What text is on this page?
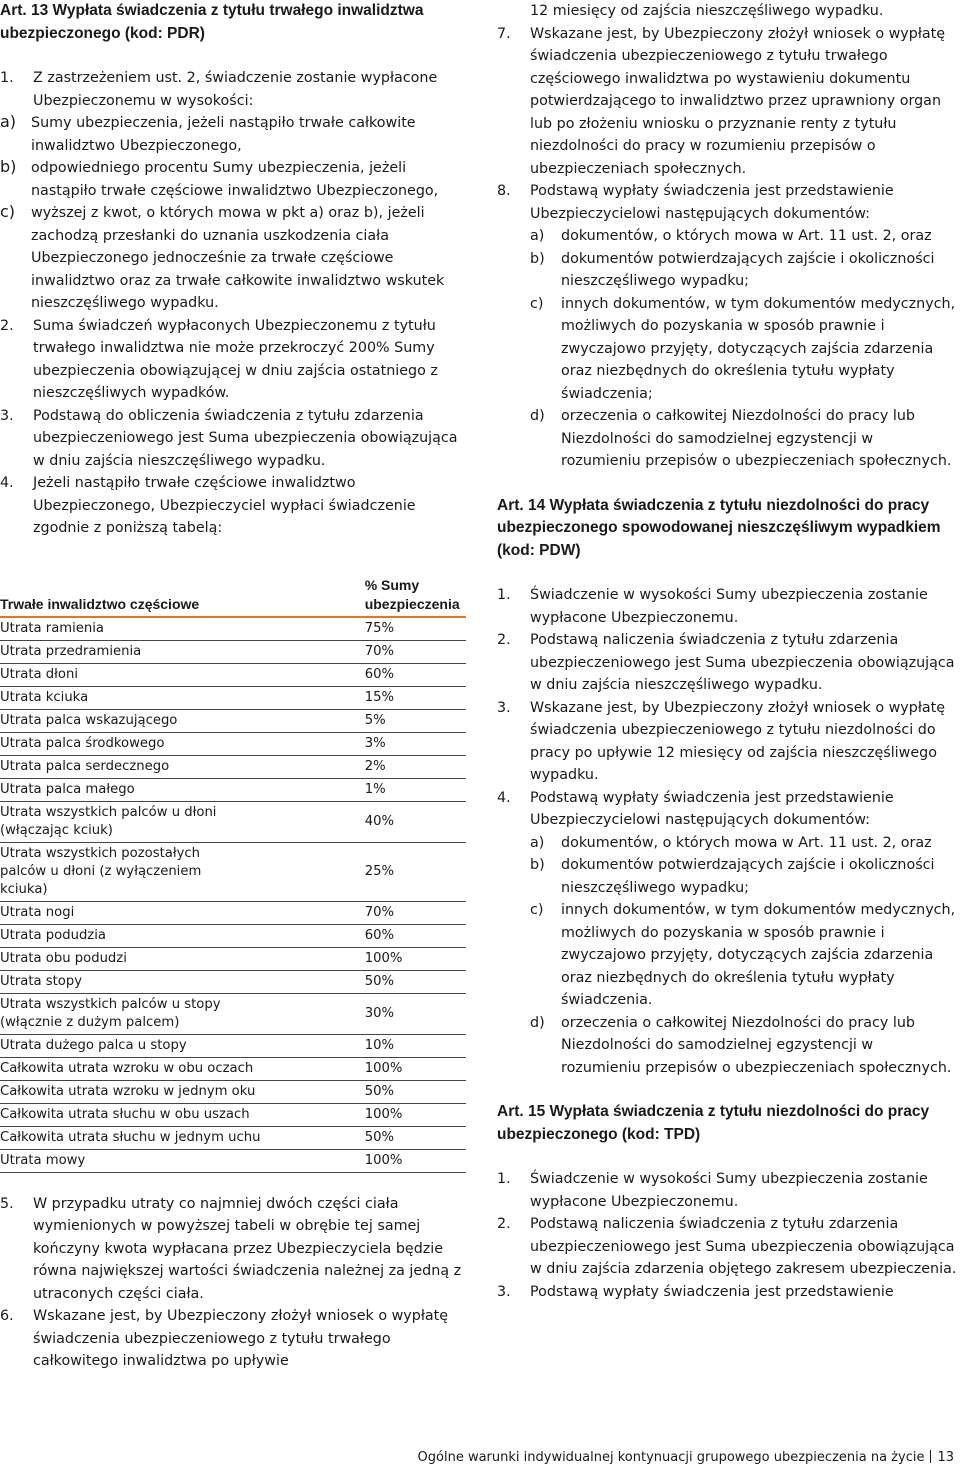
Art. 13 Wypłata świadczenia z tytułu trwałego inwalidztwa ubezpieczonego (kod: PDR)
1. Z zastrzeżeniem ust. 2, świadczenie zostanie wypłacone Ubezpieczonemu w wysokości:
a) Sumy ubezpieczenia, jeżeli nastąpiło trwałe całkowite inwalidztwo Ubezpieczonego,
b) odpowiedniego procentu Sumy ubezpieczenia, jeżeli nastąpiło trwałe częściowe inwalidztwo Ubezpieczonego,
c) wyższej z kwot, o których mowa w pkt a) oraz b), jeżeli zachodzą przesłanki do uznania uszkodzenia ciała Ubezpieczonego jednocześnie za trwałe częściowe inwalidztwo oraz za trwałe całkowite inwalidztwo wskutek nieszczęśliwego wypadku.
2. Suma świadczeń wypłaconych Ubezpieczonemu z tytułu trwałego inwalidztwa nie może przekroczyć 200% Sumy ubezpieczenia obowiązującej w dniu zajścia ostatniego z nieszczęśliwych wypadków.
3. Podstawą do obliczenia świadczenia z tytułu zdarzenia ubezpieczeniowego jest Suma ubezpieczenia obowiązująca w dniu zajścia nieszczęśliwego wypadku.
4. Jeżeli nastąpiło trwałe częściowe inwalidztwo Ubezpieczonego, Ubezpieczyciel wypłaci świadczenie zgodnie z poniższą tabelą:
Trwałe inwalidztwo częściowe	% Sumy ubezpieczenia
Utrata ramienia	75%
Utrata przedramienia	70%
Utrata dłoni	60%
Utrata kciuka	15%
Utrata palca wskazującego	5%
Utrata palca środkowego	3%
Utrata palca serdecznego	2%
Utrata palca małego	1%
Utrata wszystkich palców u dłoni (włączając kciuk)	40%
Utrata wszystkich pozostałych palców u dłoni (z wyłączeniem kciuka)	25%
Utrata nogi	70%
Utrata podudzia	60%
Utrata obu podudzi	100%
Utrata stopy	50%
Utrata wszystkich palców u stopy (włącznie z dużym palcem)	30%
Utrata dużego palca u stopy	10%
Całkowita utrata wzroku w obu oczach	100%
Całkowita utrata wzroku w jednym oku	50%
Całkowita utrata słuchu w obu uszach	100%
Całkowita utrata słuchu w jednym uchu	50%
Utrata mowy	100%
5. W przypadku utraty co najmniej dwóch części ciała wymienionych w powyższej tabeli w obrębie tej samej kończyny kwota wypłacana przez Ubezpieczyciela będzie równa największej wartości świadczenia należnej za jedną z utraconych części ciała.
6. Wskazane jest, by Ubezpieczony złożył wniosek o wypłatę świadczenia ubezpieczeniowego z tytułu trwałego całkowitego inwalidztwa po upływie
12 miesięcy od zajścia nieszczęśliwego wypadku.
7. Wskazane jest, by Ubezpieczony złożył wniosek o wypłatę świadczenia ubezpieczeniowego z tytułu trwałego częściowego inwalidztwa po wystawieniu dokumentu potwierdzającego to inwalidztwo przez uprawniony organ lub po złożeniu wniosku o przyznanie renty z tytułu niezdolności do pracy w rozumieniu przepisów o ubezpieczeniach społecznych.
8. Podstawą wypłaty świadczenia jest przedstawienie Ubezpieczycielowi następujących dokumentów:
a) dokumentów, o których mowa w Art. 11 ust. 2, oraz
b) dokumentów potwierdzających zajście i okoliczności nieszczęśliwego wypadku;
c) innych dokumentów, w tym dokumentów medycznych, możliwych do pozyskania w sposób prawnie i zwyczajowo przyjęty, dotyczących zajścia zdarzenia oraz niezbędnych do określenia tytułu wypłaty świadczenia;
d) orzeczenia o całkowitej Niezdolności do pracy lub Niezdolności do samodzielnej egzystencji w rozumieniu przepisów o ubezpieczeniach społecznych.
Art. 14 Wypłata świadczenia z tytułu niezdolności do pracy ubezpieczonego spowodowanej nieszczęśliwym wypadkiem (kod: PDW)
1. Świadczenie w wysokości Sumy ubezpieczenia zostanie wypłacone Ubezpieczonemu.
2. Podstawą naliczenia świadczenia z tytułu zdarzenia ubezpieczeniowego jest Suma ubezpieczenia obowiązująca w dniu zajścia nieszczęśliwego wypadku.
3. Wskazane jest, by Ubezpieczony złożył wniosek o wypłatę świadczenia ubezpieczeniowego z tytułu niezdolności do pracy po upływie 12 miesięcy od zajścia nieszczęśliwego wypadku.
4. Podstawą wypłaty świadczenia jest przedstawienie Ubezpieczycielowi następujących dokumentów:
a) dokumentów, o których mowa w Art. 11 ust. 2, oraz
b) dokumentów potwierdzających zajście i okoliczności nieszczęśliwego wypadku;
c) innych dokumentów, w tym dokumentów medycznych, możliwych do pozyskania w sposób prawnie i zwyczajowo przyjęty, dotyczących zajścia zdarzenia oraz niezbędnych do określenia tytułu wypłaty świadczenia.
d) orzeczenia o całkowitej Niezdolności do pracy lub Niezdolności do samodzielnej egzystencji w rozumieniu przepisów o ubezpieczeniach społecznych.
Art. 15 Wypłata świadczenia z tytułu niezdolności do pracy ubezpieczonego (kod: TPD)
1. Świadczenie w wysokości Sumy ubezpieczenia zostanie wypłacone Ubezpieczonemu.
2. Podstawą naliczenia świadczenia z tytułu zdarzenia ubezpieczeniowego jest Suma ubezpieczenia obowiązująca w dniu zajścia zdarzenia objętego zakresem ubezpieczenia.
3. Podstawą wypłaty świadczenia jest przedstawienie
Ogólne warunki indywidualnej kontynuacji grupowego ubezpieczenia na życie 13
